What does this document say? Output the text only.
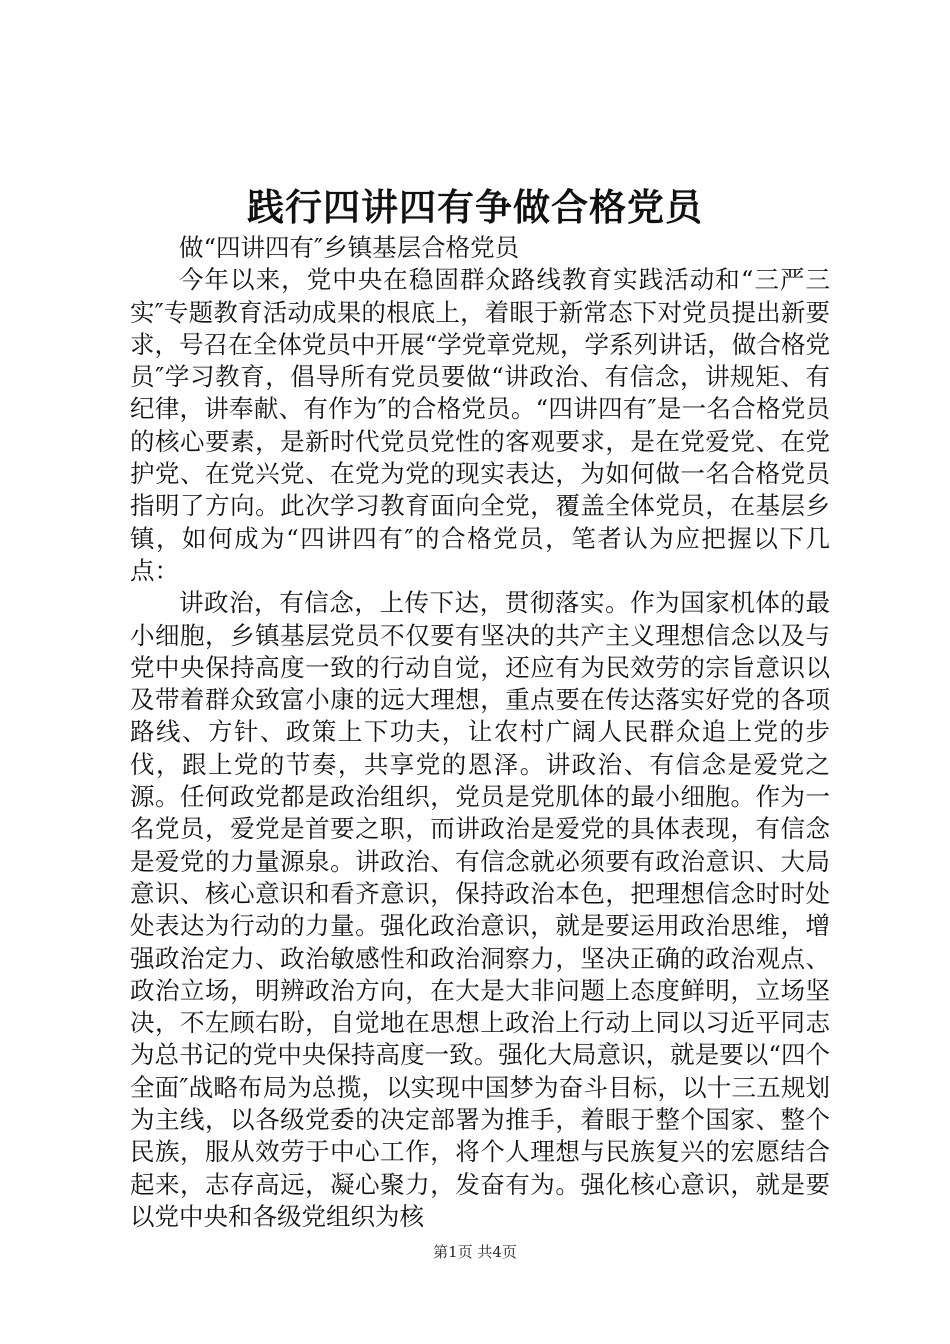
践行四讲四有争做合格党员

做“四讲四有″乡镇基层合格党员

今年以来，党中央在稳固群众路线教育实践活动和“三严三实″专题教育活动成果的根底上，着眼于新常态下对党员提出新要求，号召在全体党员中开展“学党章党规，学系列讲话，做合格党员″学习教育，倡导所有党员要做“讲政治、有信念，讲规矩、有纪律，讲奉献、有作为″的合格党员。“四讲四有″是一名合格党员的核心要素，是新时代党员党性的客观要求，是在党爱党、在党护党、在党兴党、在党为党的现实表达，为如何做一名合格党员指明了方向。此次学习教育面向全党，覆盖全体党员，在基层乡镇，如何成为“四讲四有″的合格党员，笔者认为应把握以下几点：

讲政治，有信念，上传下达，贯彻落实。作为国家机体的最小细胞，乡镇基层党员不仅要有坚决的共产主义理想信念以及与党中央保持高度一致的行动自觉，还应有为民效劳的宗旨意识以及带着群众致富小康的远大理想，重点要在传达落实好党的各项路线、方针、政策上下功夫，让农村广阔人民群众追上党的步伐，跟上党的节奏，共享党的恩泽。讲政治、有信念是爱党之源。任何政党都是政治组织，党员是党肌体的最小细胞。作为一名党员，爱党是首要之职，而讲政治是爱党的具体表现，有信念是爱党的力量源泉。讲政治、有信念就必须要有政治意识、大局意识、核心意识和看齐意识，保持政治本色，把理想信念时时处处表达为行动的力量。强化政治意识，就是要运用政治思维，增强政治定力、政治敏感性和政治洞察力，坚决正确的政治观点、政治立场，明辨政治方向，在大是大非问题上态度鲜明，立场坚决，不左顾右盼，自觉地在思想上政治上行动上同以习近平同志为总书记的党中央保持高度一致。强化大局意识，就是要以“四个全面″战略布局为总揽，以实现中国梦为奋斗目标，以十三五规划为主线，以各级党委的决定部署为推手，着眼于整个国家、整个民族，服从效劳于中心工作，将个人理想与民族复兴的宏愿结合起来，志存高远，凝心聚力，发奋有为。强化核心意识，就是要以党中央和各级党组织为核

第1页 共4页
